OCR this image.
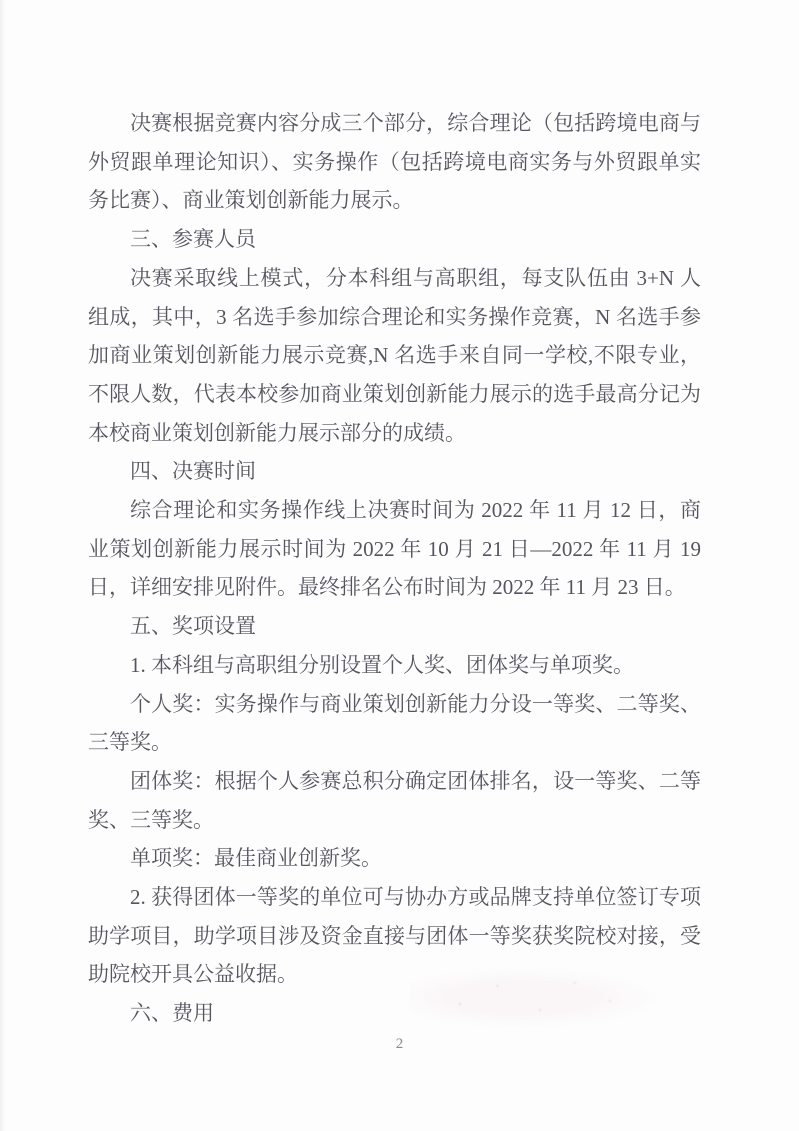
决赛根据竞赛内容分成三个部分，综合理论（包括跨境电商与外贸跟单理论知识）、实务操作（包括跨境电商实务与外贸跟单实务比赛）、商业策划创新能力展示。

三、参赛人员

决赛采取线上模式，分本科组与高职组，每支队伍由 3+N 人组成，其中，3 名选手参加综合理论和实务操作竞赛，N 名选手参加商业策划创新能力展示竞赛,N 名选手来自同一学校,不限专业，不限人数，代表本校参加商业策划创新能力展示的选手最高分记为本校商业策划创新能力展示部分的成绩。

四、决赛时间

综合理论和实务操作线上决赛时间为 2022 年 11 月 12 日，商业策划创新能力展示时间为 2022 年 10 月 21 日—2022 年 11 月 19 日，详细安排见附件。最终排名公布时间为 2022 年 11 月 23 日。

五、奖项设置

1. 本科组与高职组分别设置个人奖、团体奖与单项奖。

个人奖：实务操作与商业策划创新能力分设一等奖、二等奖、三等奖。

团体奖：根据个人参赛总积分确定团体排名，设一等奖、二等奖、三等奖。

单项奖：最佳商业创新奖。

2. 获得团体一等奖的单位可与协办方或品牌支持单位签订专项助学项目，助学项目涉及资金直接与团体一等奖获奖院校对接，受助院校开具公益收据。

六、费用

2
